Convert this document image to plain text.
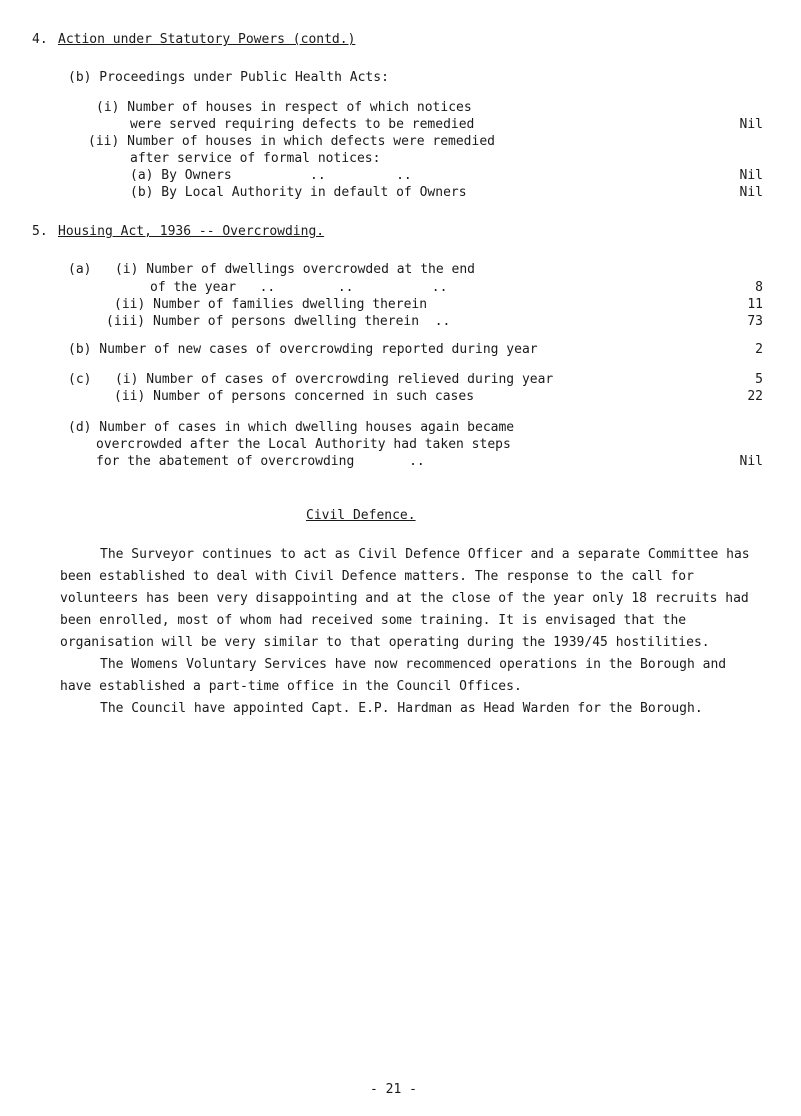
4. Action under Statutory Powers (contd.)
(b) Proceedings under Public Health Acts:
(i) Number of houses in respect of which notices
were served requiring defects to be remedied	Nil
(ii) Number of houses in which defects were remedied
after service of formal notices:
(a) By Owners          ..         ..	Nil
(b) By Local Authority in default of Owners	Nil
5. Housing Act, 1936 -- Overcrowding.
(a)   (i) Number of dwellings overcrowded at the end
of the year   ..        ..          ..	8
(ii) Number of families dwelling therein	11
(iii) Number of persons dwelling therein  ..	73
(b) Number of new cases of overcrowding reported during year	2
(c)   (i) Number of cases of overcrowding relieved during year	5
(ii) Number of persons concerned in such cases	22
(d) Number of cases in which dwelling houses again became
overcrowded after the Local Authority had taken steps
for the abatement of overcrowding       ..	Nil
Civil Defence.

The Surveyor continues to act as Civil Defence Officer and a separate Committee has been established to deal with Civil Defence matters. The response to the call for volunteers has been very disappointing and at the close of the year only 18 recruits had been enrolled, most of whom had received some training. It is envisaged that the organisation will be very similar to that operating during the 1939/45 hostilities.

The Womens Voluntary Services have now recommenced operations in the Borough and have established a part-time office in the Council Offices.

The Council have appointed Capt. E.P. Hardman as Head Warden for the Borough.

- 21 -
